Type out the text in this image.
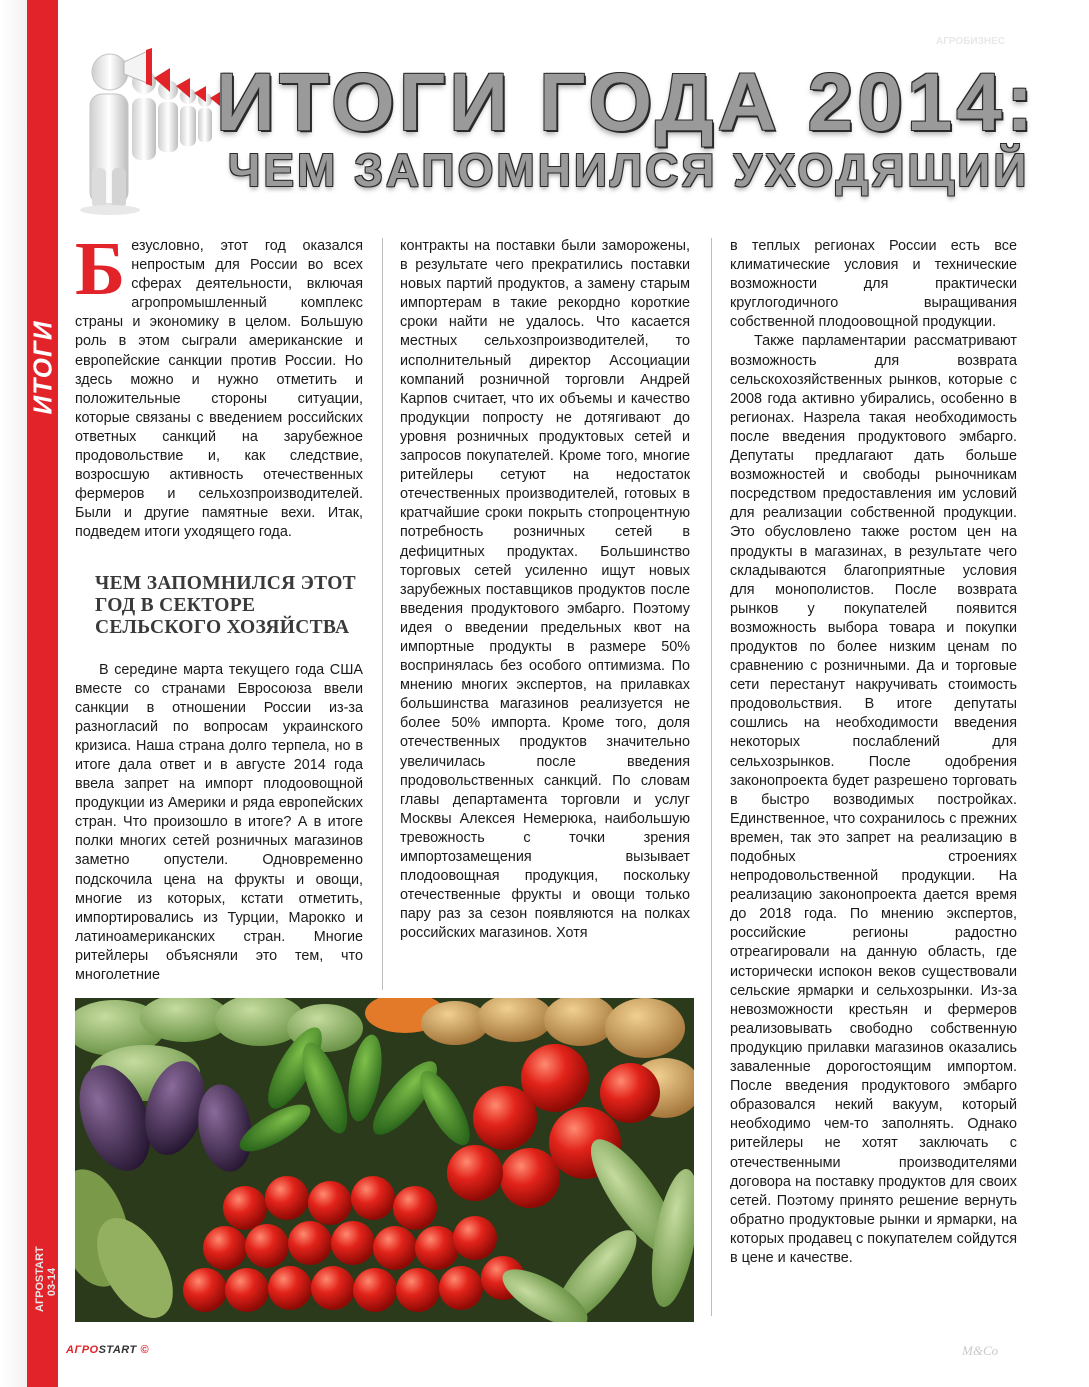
ИТОГИ
АГРОSTART 03-14
АГРОБИЗНЕС
ИТОГИ ГОДА 2014:
ЧЕМ ЗАПОМНИЛСЯ УХОДЯЩИЙ

Безусловно, этот год оказался непростым для России во всех сферах деятельности, включая агропромышленный комплекс страны и экономику в целом. Большую роль в этом сыграли американские и европейские санкции против России. Но здесь можно и нужно отметить и положительные стороны ситуации, которые связаны с введением российских ответных санкций на зарубежное продовольствие и, как следствие, возросшую активность отечественных фермеров и сельхозпроизводителей. Были и другие памятные вехи. Итак, подведем итоги уходящего года.

ЧЕМ ЗАПОМНИЛСЯ ЭТОТ ГОД В СЕКТОРЕ СЕЛЬСКОГО ХОЗЯЙСТВА

В середине марта текущего года США вместе со странами Евросоюза ввели санкции в отношении России из-за разногласий по вопросам украинского кризиса. Наша страна долго терпела, но в итоге дала ответ и в августе 2014 года ввела запрет на импорт плодоовощной продукции из Америки и ряда европейских стран. Что произошло в итоге? А в итоге полки многих сетей розничных магазинов заметно опустели. Одновременно подскочила цена на фрукты и овощи, многие из которых, кстати отметить, импортировались из Турции, Марокко и латиноамериканских стран. Многие ритейлеры объясняли это тем, что многолетние

контракты на поставки были заморожены, в результате чего прекратились поставки новых партий продуктов, а замену старым импортерам в такие рекордно короткие сроки найти не удалось. Что касается местных сельхозпроизводителей, то исполнительный директор Ассоциации компаний розничной торговли Андрей Карпов считает, что их объемы и качество продукции попросту не дотягивают до уровня розничных продуктовых сетей и запросов покупателей. Кроме того, многие ритейлеры сетуют на недостаток отечественных производителей, готовых в кратчайшие сроки покрыть стопроцентную потребность розничных сетей в дефицитных продуктах. Большинство торговых сетей усиленно ищут новых зарубежных поставщиков продуктов после введения продуктового эмбарго. Поэтому идея о введении предельных квот на импортные продукты в размере 50% воспринялась без особого оптимизма. По мнению многих экспертов, на прилавках большинства магазинов реализуется не более 50% импорта. Кроме того, доля отечественных продуктов значительно увеличилась после введения продовольственных санкций. По словам главы департамента торговли и услуг Москвы Алексея Немерюка, наибольшую тревожность с точки зрения импортозамещения вызывает плодоовощная продукция, поскольку отечественные фрукты и овощи только пару раз за сезон появляются на полках российских магазинов. Хотя

в теплых регионах России есть все климатические условия и технические возможности для практически круглогодичного выращивания собственной плодоовощной продукции.

Также парламентарии рассматривают возможность для возврата сельскохозяйственных рынков, которые с 2008 года активно убирались, особенно в регионах. Назрела такая необходимость после введения продуктового эмбарго. Депутаты предлагают дать больше возможностей и свободы рыночникам посредством предоставления им условий для реализации собственной продукции. Это обусловлено также ростом цен на продукты в магазинах, в результате чего складываются благоприятные условия для монополистов. После возврата рынков у покупателей появится возможность выбора товара и покупки продуктов по более низким ценам по сравнению с розничными. Да и торговые сети перестанут накручивать стоимость продовольствия. В итоге депутаты сошлись на необходимости введения некоторых послаблений для сельхозрынков. После одобрения законопроекта будет разрешено торговать в быстро возводимых постройках. Единственное, что сохранилось с прежних времен, так это запрет на реализацию в подобных строениях непродовольственной продукции. На реализацию законопроекта дается время до 2018 года. По мнению экспертов, российские регионы радостно отреагировали на данную область, где исторически испокон веков существовали сельские ярмарки и сельхозрынки. Из-за невозможности крестьян и фермеров реализовывать свободно собственную продукцию прилавки магазинов оказались заваленные дорогостоящим импортом. После введения продуктового эмбарго образовался некий вакуум, который необходимо чем-то заполнять. Однако ритейлеры не хотят заключать с отечественными производителями договора на поставку продуктов для своих сетей. Поэтому принято решение вернуть обратно продуктовые рынки и ярмарки, на которых продавец с покупателем сойдутся в цене и качестве.

АГРОSTART ©	M&Co
